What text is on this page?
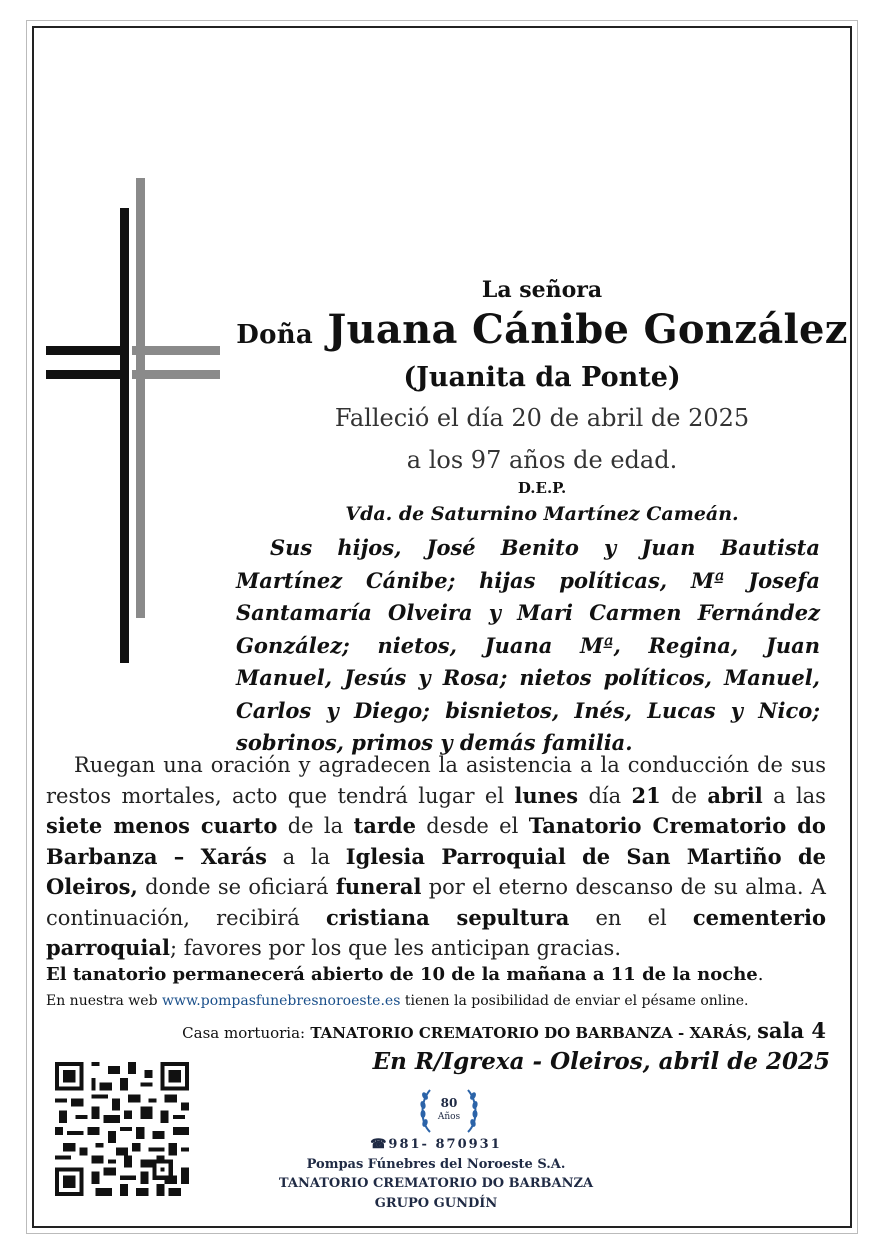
La señora
Doña Juana Cánibe González
(Juanita da Ponte)
Falleció el día 20 de abril de 2025
a los 97 años de edad.
D.E.P.
Vda. de Saturnino Martínez Cameán.
Sus hijos, José Benito y Juan Bautista Martínez Cánibe; hijas políticas, Mª Josefa Santamaría Olveira y Mari Carmen Fernández González; nietos, Juana Mª, Regina, Juan Manuel, Jesús y Rosa; nietos políticos, Manuel, Carlos y Diego; bisnietos, Inés, Lucas y Nico; sobrinos, primos y demás familia.
Ruegan una oración y agradecen la asistencia a la conducción de sus restos mortales, acto que tendrá lugar el lunes día 21 de abril a las siete menos cuarto de la tarde desde el Tanatorio Crematorio do Barbanza – Xarás a la Iglesia Parroquial de San Martiño de Oleiros, donde se oficiará funeral por el eterno descanso de su alma. A continuación, recibirá cristiana sepultura en el cementerio parroquial; favores por los que les anticipan gracias.
El tanatorio permanecerá abierto de 10 de la mañana a 11 de la noche.
En nuestra web www.pompasfunebresnoroeste.es tienen la posibilidad de enviar el pésame online.
Casa mortuoria: TANATORIO CREMATORIO DO BARBANZA - XARÁS, sala 4
En R/Igrexa - Oleiros, abril de 2025
80
Años
☎981- 870931
Pompas Fúnebres del Noroeste S.A.
TANATORIO CREMATORIO DO BARBANZA
GRUPO GUNDÍN
